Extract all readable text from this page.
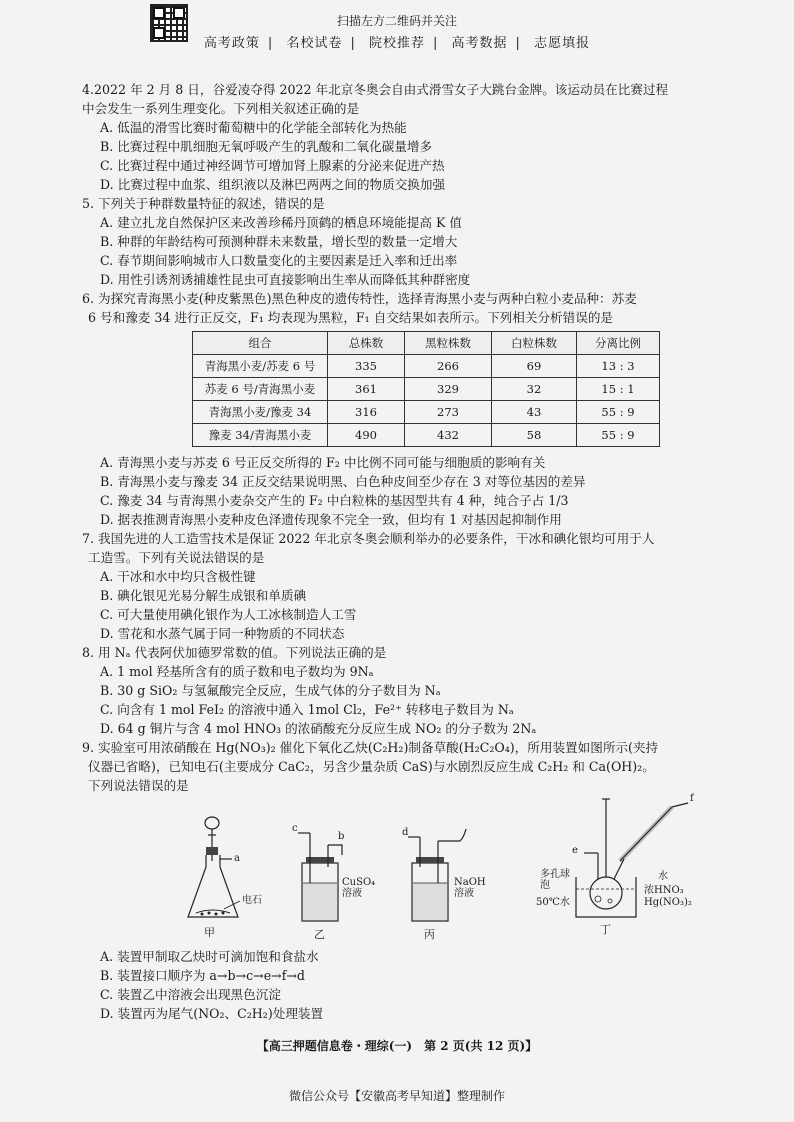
扫描左方二维码并关注
高考政策 | 名校试卷 | 院校推荐 | 高考数据 | 志愿填报
4.2022 年 2 月 8 日，谷爱凌夺得 2022 年北京冬奥会自由式滑雪女子大跳台金牌。该运动员在比赛过程
中会发生一系列生理变化。下列相关叙述正确的是
A. 低温的滑雪比赛时葡萄糖中的化学能全部转化为热能
B. 比赛过程中肌细胞无氧呼吸产生的乳酸和二氧化碳量增多
C. 比赛过程中通过神经调节可增加肾上腺素的分泌来促进产热
D. 比赛过程中血浆、组织液以及淋巴两两之间的物质交换加强
5. 下列关于种群数量特征的叙述，错误的是
A. 建立扎龙自然保护区来改善珍稀丹顶鹤的栖息环境能提高 K 值
B. 种群的年龄结构可预测种群未来数量，增长型的数量一定增大
C. 春节期间影响城市人口数量变化的主要因素是迁入率和迁出率
D. 用性引诱剂诱捕雄性昆虫可直接影响出生率从而降低其种群密度
6. 为探究青海黑小麦(种皮紫黑色)黑色种皮的遗传特性，选择青海黑小麦与两种白粒小麦品种：苏麦
6 号和豫麦 34 进行正反交，F₁ 均表现为黑粒，F₁ 自交结果如表所示。下列相关分析错误的是
组合	总株数	黑粒株数	白粒株数	分离比例
青海黑小麦/苏麦 6 号	335	266	69	13 : 3
苏麦 6 号/青海黑小麦	361	329	32	15 : 1
青海黑小麦/豫麦 34	316	273	43	55 : 9
豫麦 34/青海黑小麦	490	432	58	55 : 9
A. 青海黑小麦与苏麦 6 号正反交所得的 F₂ 中比例不同可能与细胞质的影响有关
B. 青海黑小麦与豫麦 34 正反交结果说明黑、白色种皮间至少存在 3 对等位基因的差异
C. 豫麦 34 与青海黑小麦杂交产生的 F₂ 中白粒株的基因型共有 4 种，纯合子占 1/3
D. 据表推测青海黑小麦种皮色泽遗传现象不完全一致，但均有 1 对基因起抑制作用
7. 我国先进的人工造雪技术是保证 2022 年北京冬奥会顺利举办的必要条件，干冰和碘化银均可用于人
工造雪。下列有关说法错误的是
A. 干冰和水中均只含极性键
B. 碘化银见光易分解生成银和单质碘
C. 可大量使用碘化银作为人工冰核制造人工雪
D. 雪花和水蒸气属于同一种物质的不同状态
8. 用 Nₐ 代表阿伏加德罗常数的值。下列说法正确的是
A. 1 mol 羟基所含有的质子数和电子数均为 9Nₐ
B. 30 g SiO₂ 与氢氟酸完全反应，生成气体的分子数目为 Nₐ
C. 向含有 1 mol FeI₂ 的溶液中通入 1mol Cl₂，Fe²⁺ 转移电子数目为 Nₐ
D. 64 g 铜片与含 4 mol HNO₃ 的浓硝酸充分反应生成 NO₂ 的分子数为 2Nₐ
9. 实验室可用浓硝酸在 Hg(NO₃)₂ 催化下氧化乙炔(C₂H₂)制备草酸(H₂C₂O₄)，所用装置如图所示(夹持
仪器已省略)，已知电石(主要成分 CaC₂，另含少量杂质 CaS)与水剧烈反应生成 C₂H₂ 和 Ca(OH)₂。
下列说法错误的是
a
电石
甲
c
b
CuSO₄溶液
乙
d
NaOH溶液
丙
e
f
多孔球泡
50℃水
水
浓HNO₃
Hg(NO₃)₂
丁
A. 装置甲制取乙炔时可滴加饱和食盐水
B. 装置接口顺序为 a→b→c→e→f→d
C. 装置乙中溶液会出现黑色沉淀
D. 装置丙为尾气(NO₂、C₂H₂)处理装置
【高三押题信息卷・理综(一)　第 2 页(共 12 页)】
微信公众号【安徽高考早知道】整理制作
